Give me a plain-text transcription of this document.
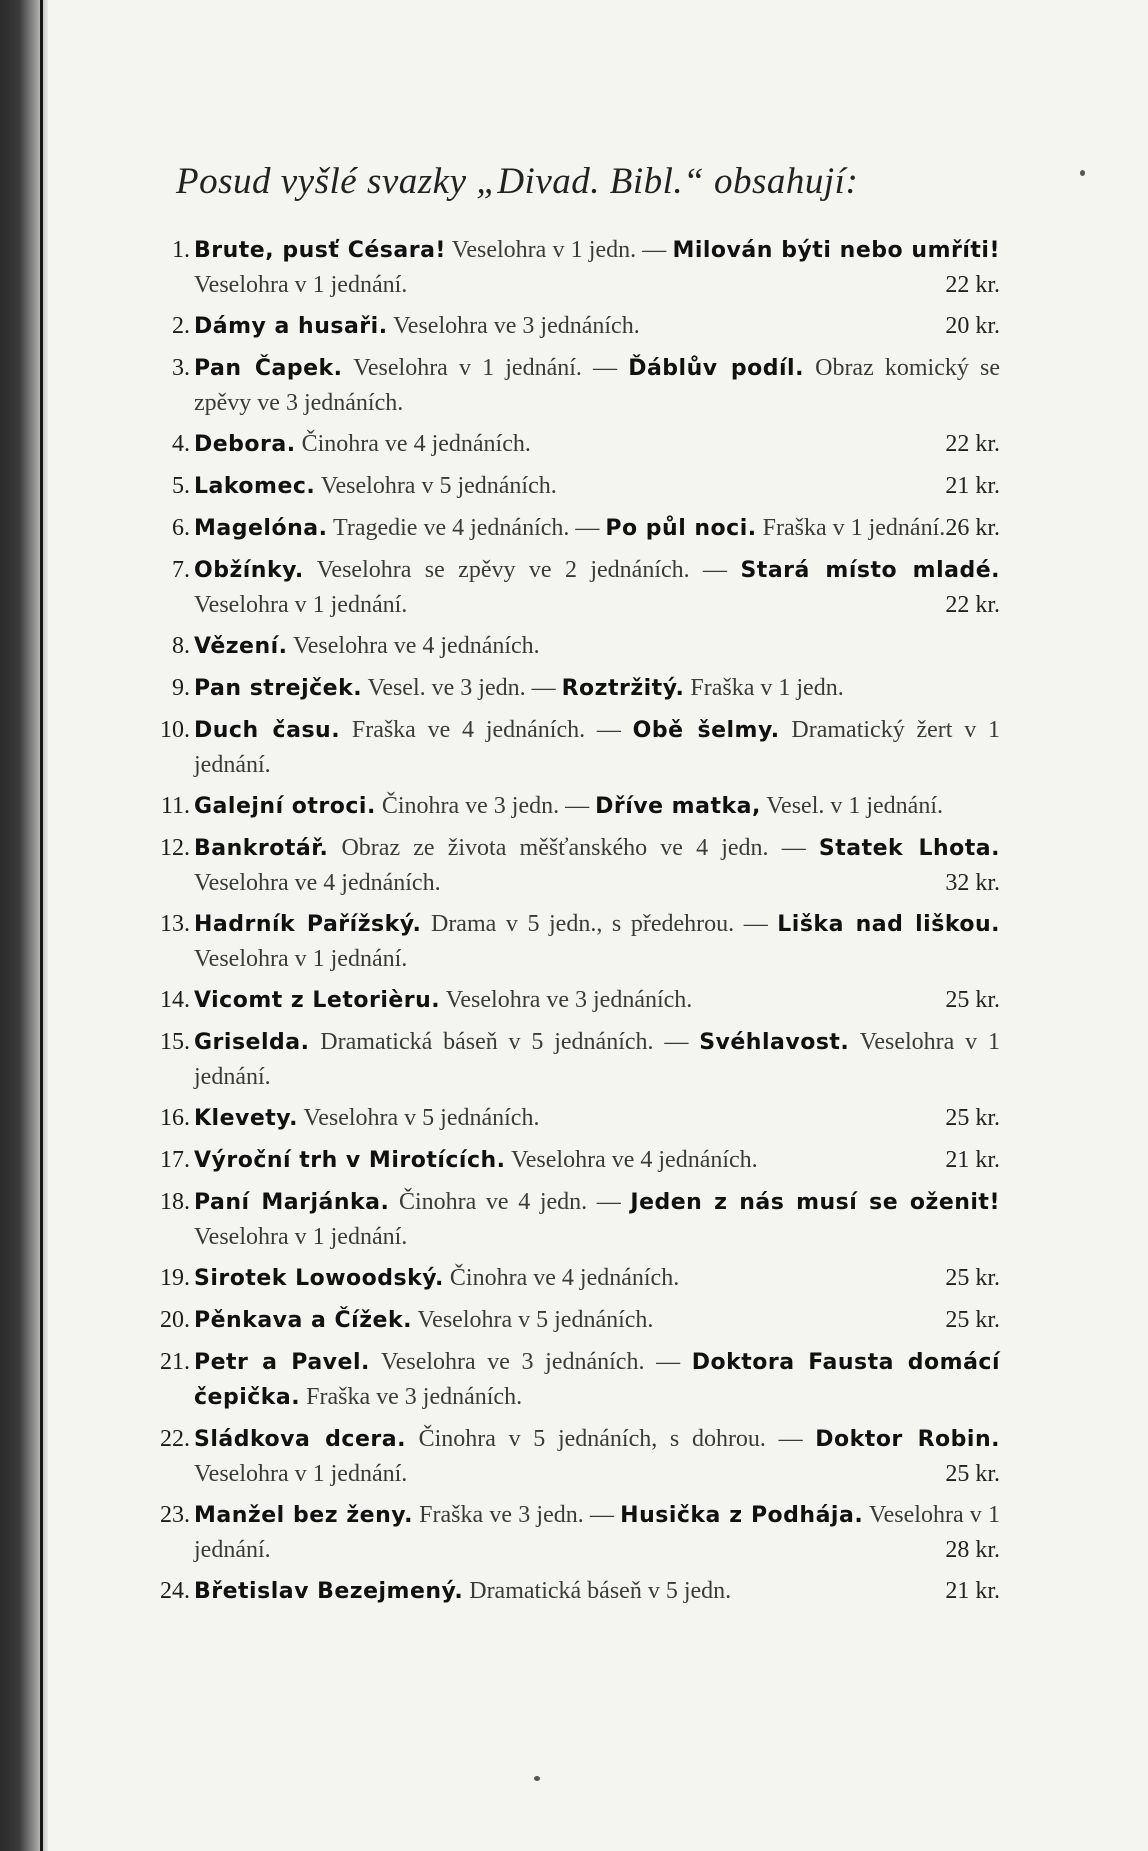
Posud vyšlé svazky „Divad. Bibl.“ obsahují:
1. Brute, pusť Césara! Veselohra v 1 jedn. — Milován býti nebo umříti! Veselohra v 1 jednání.	22 kr.
2. Dámy a husaři. Veselohra ve 3 jednáních.	20 kr.
3. Pan Čapek. Veselohra v 1 jednání. — Ďáblův podíl. Obraz komický se zpěvy ve 3 jednáních.
4. Debora. Činohra ve 4 jednáních.	22 kr.
5. Lakomec. Veselohra v 5 jednáních.	21 kr.
6. Magelóna. Tragedie ve 4 jednáních. — Po půl noci. Fraška v 1 jednání. 26 kr.
7. Obžínky. Veselohra se zpěvy ve 2 jednáních. — Stará místo mladé. Veselohra v 1 jednání.	22 kr.
8. Vězení. Veselohra ve 4 jednáních.
9. Pan strejček. Vesel. ve 3 jedn. — Roztržitý. Fraška v 1 jedn.
10. Duch času. Fraška ve 4 jednáních. — Obě šelmy. Dramatický žert v 1 jednání.
11. Galejní otroci. Činohra ve 3 jedn. — Dříve matka, Vesel. v 1 jednání.
12. Bankrotář. Obraz ze života měšťanského ve 4 jedn. — Statek Lhota. Veselohra ve 4 jednáních.	32 kr.
13. Hadrník Pařížský. Drama v 5 jedn., s předehrou. — Liška nad liškou. Veselohra v 1 jednání.
14. Vicomt z Letorièru. Veselohra ve 3 jednáních.	25 kr.
15. Griselda. Dramatická báseň v 5 jednáních. — Svéhlavost. Veselohra v 1 jednání.
16. Klevety. Veselohra v 5 jednáních.	25 kr.
17. Výroční trh v Mirotících. Veselohra ve 4 jednáních.	21 kr.
18. Paní Marjánka. Činohra ve 4 jedn. — Jeden z nás musí se oženit! Veselohra v 1 jednání.
19. Sirotek Lowoodský. Činohra ve 4 jednáních.	25 kr.
20. Pěnkava a Čížek. Veselohra v 5 jednáních.	25 kr.
21. Petr a Pavel. Veselohra ve 3 jednáních. — Doktora Fausta domácí čepička. Fraška ve 3 jednáních.
22. Sládkova dcera. Činohra v 5 jednáních, s dohrou. — Doktor Robin. Veselohra v 1 jednání.	25 kr.
23. Manžel bez ženy. Fraška ve 3 jedn. — Husička z Podhája. Veselohra v 1 jednání.	28 kr.
24. Břetislav Bezejmený. Dramatická báseň v 5 jedn.	21 kr.
